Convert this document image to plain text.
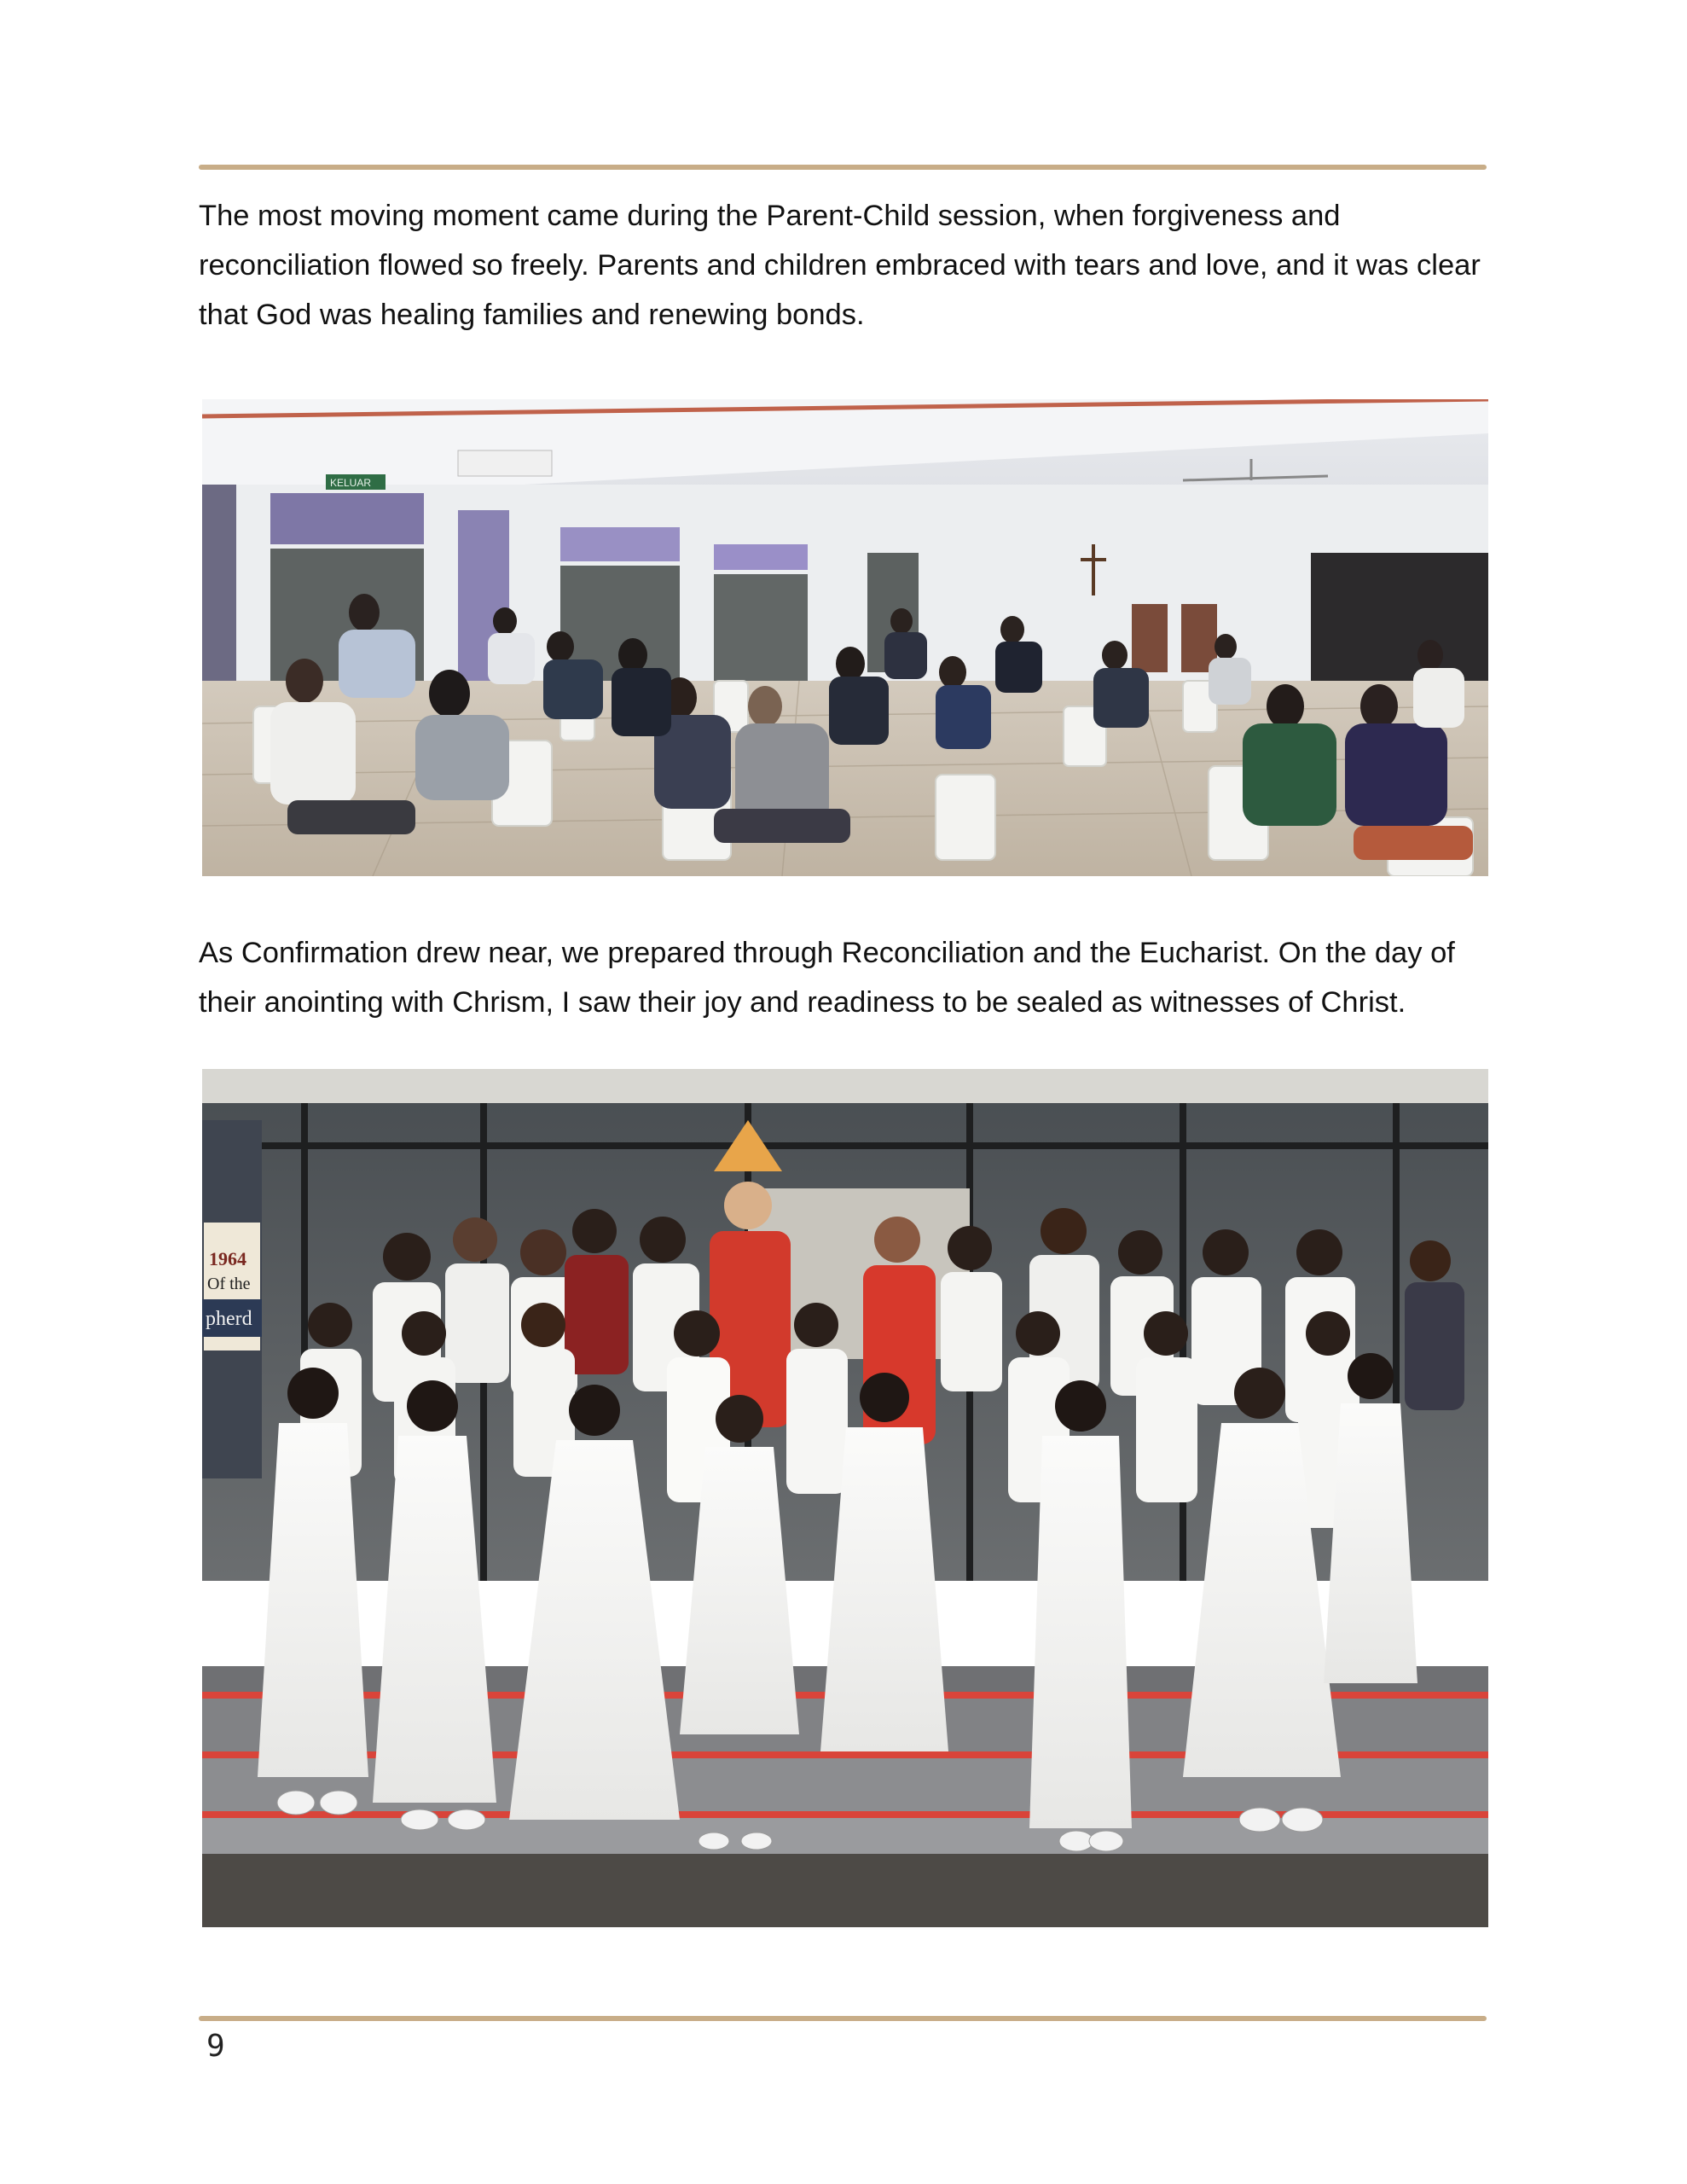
The most moving moment came during the Parent-Child session, when forgiveness and reconciliation flowed so freely. Parents and children embraced with tears and love, and it was clear that God was healing families and renewing bonds.

KELUAR

As Confirmation drew near, we prepared through Reconciliation and the Eucharist. On the day of their anointing with Chrism, I saw their joy and readiness to be sealed as witnesses of Christ.

1964
Of the
pherd
9
